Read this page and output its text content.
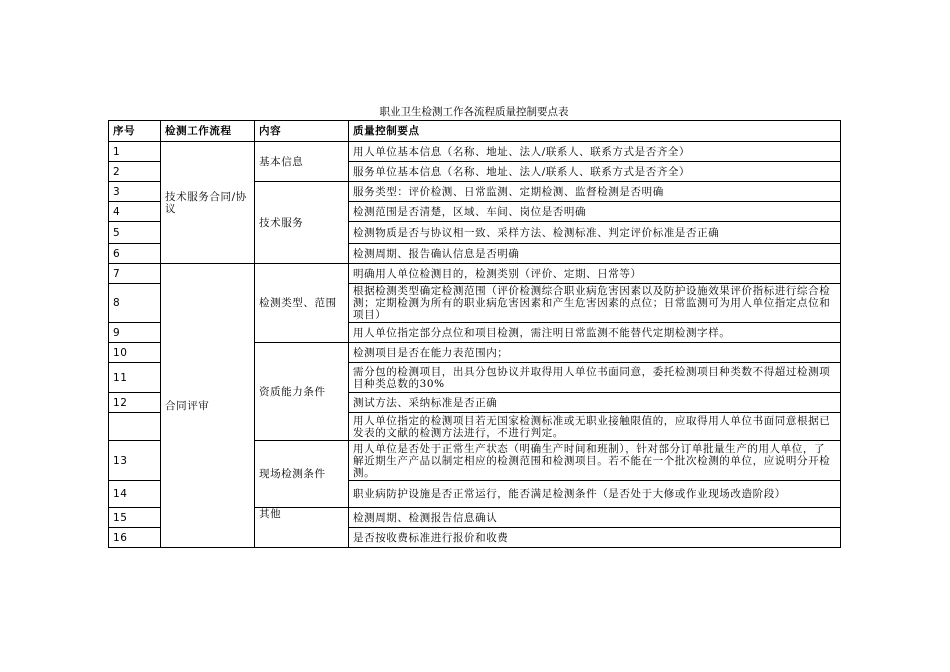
职业卫生检测工作各流程质量控制要点表
序号	检测工作流程	内容	质量控制要点
1	技术服务合同/协议	基本信息	用人单位基本信息（名称、地址、法人/联系人、联系方式是否齐全）
2			服务单位基本信息（名称、地址、法人/联系人、联系方式是否齐全）
3		技术服务	服务类型：评价检测、日常监测、定期检测、监督检测是否明确
4			检测范围是否清楚，区域、车间、岗位是否明确
5			检测物质是否与协议相一致、采样方法、检测标准、判定评价标准是否正确
6			检测周期、报告确认信息是否明确
7	合同评审	检测类型、范围	明确用人单位检测目的，检测类别（评价、定期、日常等）
8			根据检测类型确定检测范围（评价检测综合职业病危害因素以及防护设施效果评价指标进行综合检测；定期检测为所有的职业病危害因素和产生危害因素的点位；日常监测可为用人单位指定点位和项目）
9			用人单位指定部分点位和项目检测，需注明日常监测不能替代定期检测字样。
10		资质能力条件	检测项目是否在能力表范围内；
11			需分包的检测项目，出具分包协议并取得用人单位书面同意，委托检测项目种类数不得超过检测项目种类总数的30%
12			测试方法、采纳标准是否正确
			用人单位指定的检测项目若无国家检测标准或无职业接触限值的，应取得用人单位书面同意根据已发表的文献的检测方法进行，不进行判定。
13		现场检测条件	用人单位是否处于正常生产状态（明确生产时间和班制），针对部分订单批量生产的用人单位，了解近期生产产品以制定相应的检测范围和检测项目。若不能在一个批次检测的单位，应说明分开检测。
14			职业病防护设施是否正常运行，能否满足检测条件（是否处于大修或作业现场改造阶段）
15		其他	检测周期、检测报告信息确认
16			是否按收费标准进行报价和收费
